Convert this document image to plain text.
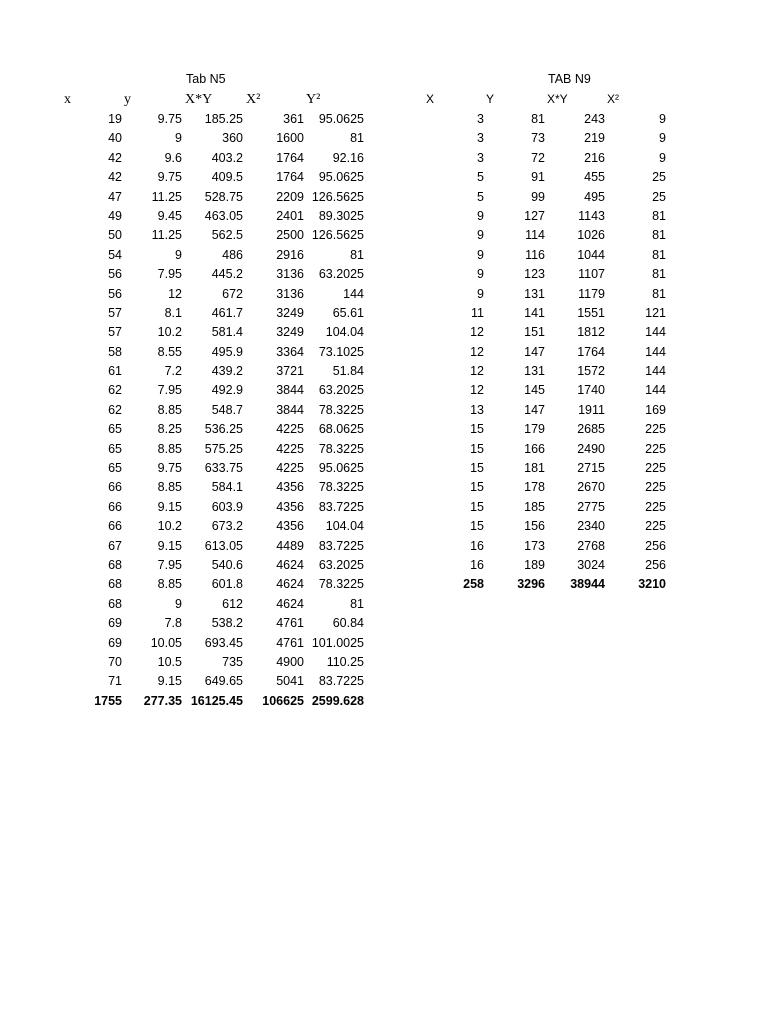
Tab N5
x	y	X*Y X²	Y²
19	9.75	185.25	361	95.0625
40	9	360	1600	81
42	9.6	403.2	1764	92.16
42	9.75	409.5	1764	95.0625
47	11.25	528.75	2209 126.5625
49	9.45	463.05	2401	89.3025
50	11.25	562.5	2500 126.5625
54	9	486	2916	81
56	7.95	445.2	3136	63.2025
56	12	672	3136	144
57	8.1	461.7	3249	65.61
57	10.2	581.4	3249	104.04
58	8.55	495.9	3364	73.1025
61	7.2	439.2	3721	51.84
62	7.95	492.9	3844	63.2025
62	8.85	548.7	3844	78.3225
65	8.25	536.25	4225	68.0625
65	8.85	575.25	4225	78.3225
65	9.75	633.75	4225	95.0625
66	8.85	584.1	4356	78.3225
66	9.15	603.9	4356	83.7225
66	10.2	673.2	4356	104.04
67	9.15	613.05	4489	83.7225
68	7.95	540.6	4624	63.2025
68	8.85	601.8	4624	78.3225
68	9	612	4624	81
69	7.8	538.2	4761	60.84
69	10.05	693.45	4761 101.0025
70	10.5	735	4900	110.25
71	9.15	649.65	5041	83.7225
1755	277.35 16125.45	106625 2599.628
TAB N9
X	Y	X*Y	X²
3	81	243	9
3	73	219	9
3	72	216	9
5	91	455	25
5	99	495	25
9	127	1143	81
9	114	1026	81
9	116	1044	81
9	123	1107	81
9	131	1179	81
11	141	1551	121
12	151	1812	144
12	147	1764	144
12	131	1572	144
12	145	1740	144
13	147	1911	169
15	179	2685	225
15	166	2490	225
15	181	2715	225
15	178	2670	225
15	185	2775	225
15	156	2340	225
16	173	2768	256
16	189	3024	256
258	3296	38944	3210
